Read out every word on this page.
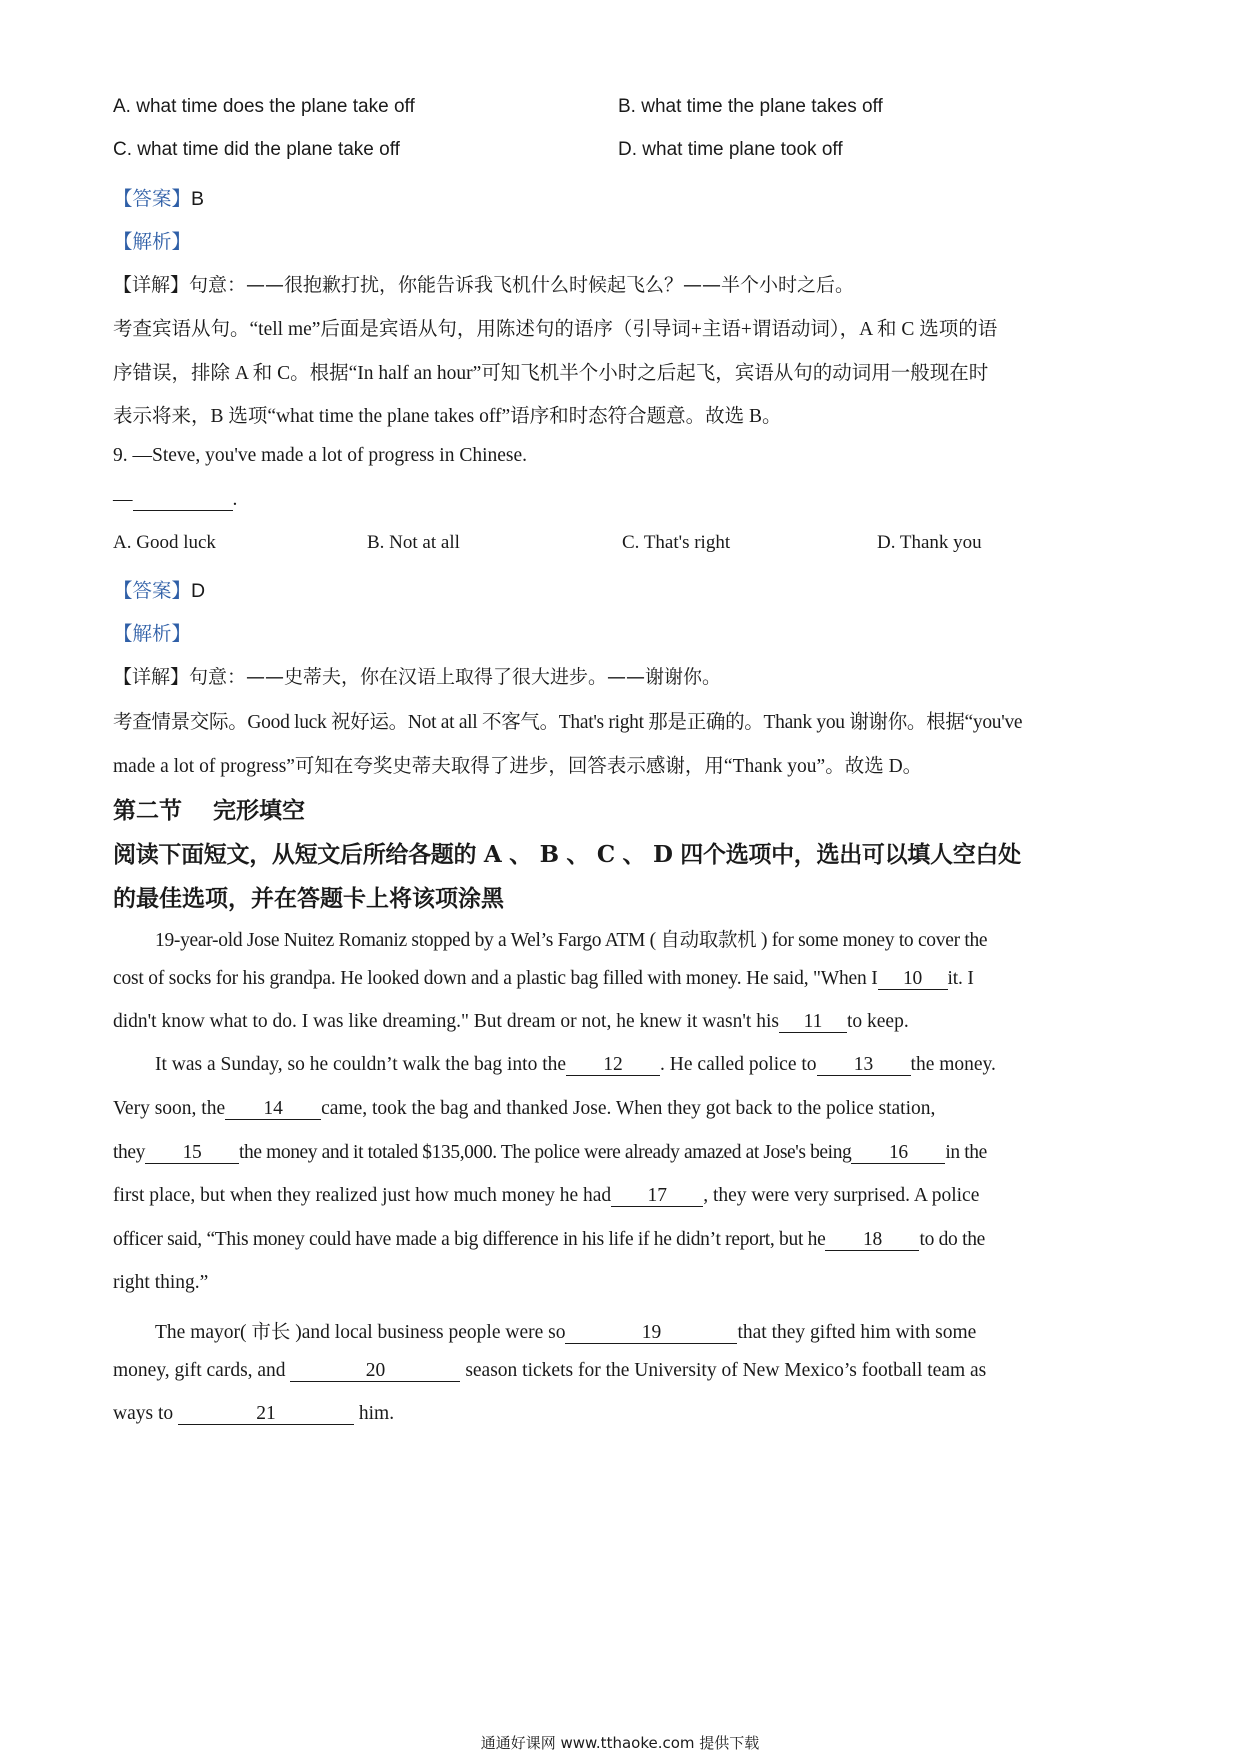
A. what time does the plane take off	B. what time the plane takes off
C. what time did the plane take off	D. what time plane took off
【答案】B
【解析】
【详解】句意：——很抱歉打扰，你能告诉我飞机什么时候起飞么？——半个小时之后。
考查宾语从句。“tell me”后面是宾语从句，用陈述句的语序（引导词+主语+谓语动词），A 和 C 选项的语
序错误，排除 A 和 C。根据“In half an hour”可知飞机半个小时之后起飞，宾语从句的动词用一般现在时
表示将来，B 选项“what time the plane takes off”语序和时态符合题意。故选 B。
9. —Steve, you've made a lot of progress in Chinese.
—	.
A. Good luck	B. Not at all	C. That's right	D. Thank you
【答案】D
【解析】
【详解】句意：——史蒂夫，你在汉语上取得了很大进步。——谢谢你。
考查情景交际。Good luck 祝好运。Not at all 不客气。That's right 那是正确的。Thank you 谢谢你。根据“you've
made a lot of progress”可知在夸奖史蒂夫取得了进步，回答表示感谢，用“Thank you”。故选 D。
第二节　 完形填空
阅读下面短文，从短文后所给各题的 A 、 B 、 C 、 D 四个选项中，选出可以填人空白处
的最佳选项，并在答题卡上将该项涂黑
19-year-old Jose Nuitez Romaniz stopped by a Wel’s Fargo ATM ( 自动取款机 ) for some money to cover the
cost of socks for his grandpa. He looked down and a plastic bag filled with money. He said, "When I 10 it. I
didn't know what to do. I was like dreaming." But dream or not, he knew it wasn't his 11 to keep.
It was a Sunday, so he couldn’t walk the bag into the 12 . He called police to 13 the money.
Very soon, the 14 came, took the bag and thanked Jose. When they got back to the police station,
they 15 the money and it totaled $135,000. The police were already amazed at Jose's being 16 in the
first place, but when they realized just how much money he had 17 , they were very surprised. A police
officer said, “This money could have made a big difference in his life if he didn’t report, but he 18 to do the
right thing.”
The mayor( 市长 )and local business people were so	19	that they gifted him with some
money, gift cards, and	20	season tickets for the University of New Mexico’s football team as
ways to	21	him.
通通好课网 www.tthaoke.com 提供下载
